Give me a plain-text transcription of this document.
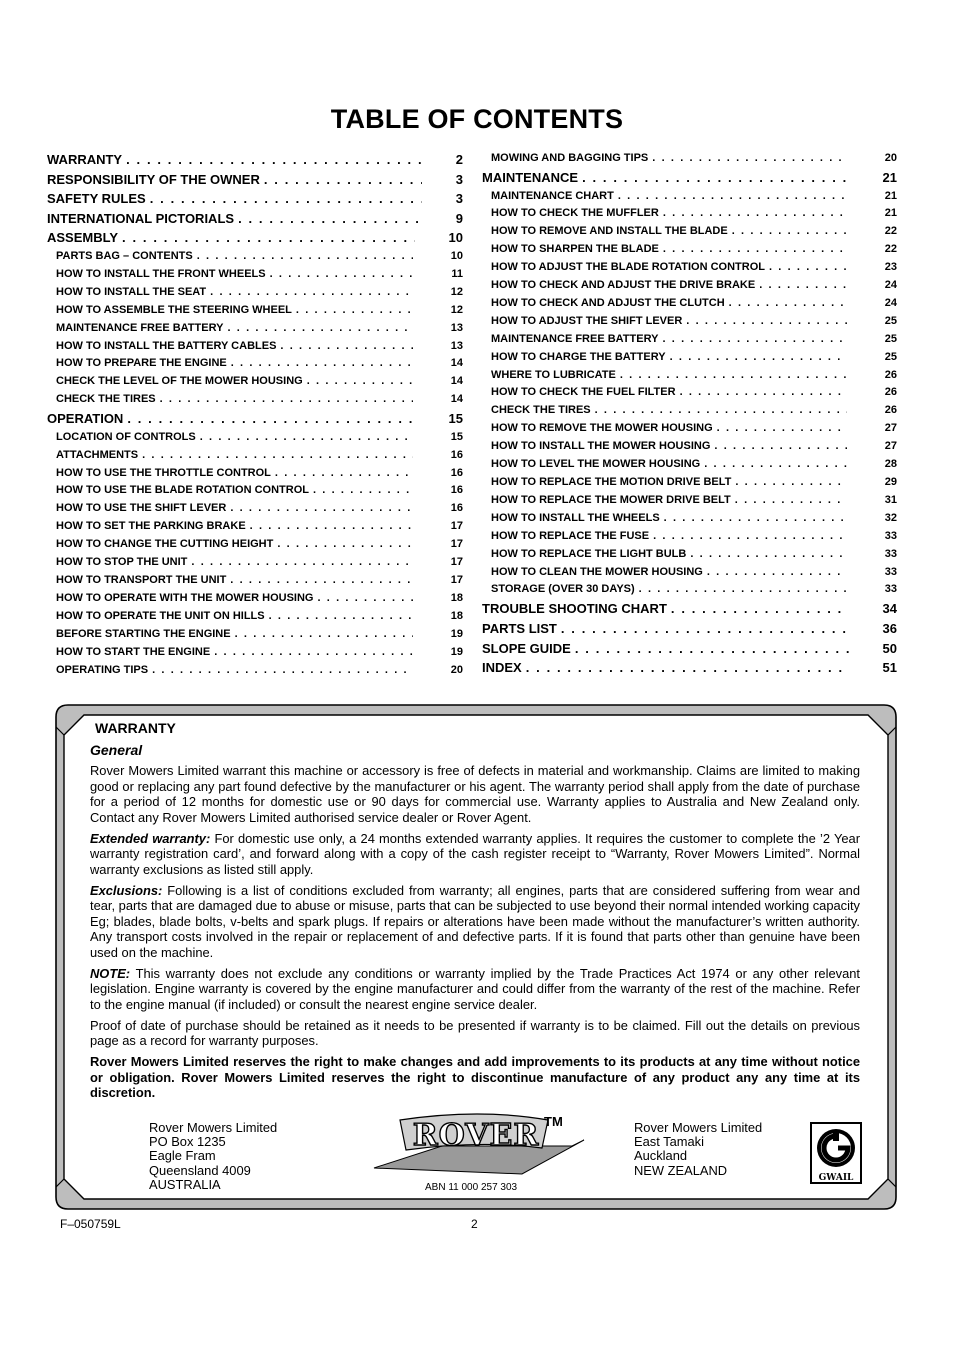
TABLE OF CONTENTS
WARRANTY . . .	2
RESPONSIBILITY OF THE OWNER . . .	3
SAFETY RULES . . .	3
INTERNATIONAL PICTORIALS . . .	9
ASSEMBLY . . .	10
PARTS BAG – CONTENTS . . .	10
HOW TO INSTALL THE FRONT WHEELS . . .	11
HOW TO INSTALL THE SEAT . . .	12
HOW TO ASSEMBLE THE STEERING WHEEL . . .	12
MAINTENANCE FREE BATTERY . . .	13
HOW TO INSTALL THE BATTERY CABLES . . .	13
HOW TO PREPARE THE ENGINE . . .	14
CHECK THE LEVEL OF THE MOWER HOUSING . . .	14
CHECK THE TIRES . . .	14
OPERATION . . .	15
LOCATION OF CONTROLS . . .	15
ATTACHMENTS . . .	16
HOW TO USE THE THROTTLE CONTROL . . .	16
HOW TO USE THE BLADE ROTATION CONTROL . . .	16
HOW TO USE THE SHIFT LEVER . . .	16
HOW TO SET THE PARKING BRAKE . . .	17
HOW TO CHANGE THE CUTTING HEIGHT . . .	17
HOW TO STOP THE UNIT . . .	17
HOW TO TRANSPORT THE UNIT . . .	17
HOW TO OPERATE WITH THE MOWER HOUSING . . .	18
HOW TO OPERATE THE UNIT ON HILLS . . .	18
BEFORE STARTING THE ENGINE . . .	19
HOW TO START THE ENGINE . . .	19
OPERATING TIPS . . .	20
MOWING AND BAGGING TIPS . . .	20
MAINTENANCE . . .	21
MAINTENANCE CHART . . .	21
HOW TO CHECK THE MUFFLER . . .	21
HOW TO REMOVE AND INSTALL THE BLADE . . .	22
HOW TO SHARPEN THE BLADE . . .	22
HOW TO ADJUST THE BLADE ROTATION CONTROL . . .	23
HOW TO CHECK AND ADJUST THE DRIVE BRAKE . . .	24
HOW TO CHECK AND ADJUST THE CLUTCH . . .	24
HOW TO ADJUST THE SHIFT LEVER . . .	25
MAINTENANCE FREE BATTERY . . .	25
HOW TO CHARGE THE BATTERY . . .	25
WHERE TO LUBRICATE . . .	26
HOW TO CHECK THE FUEL FILTER . . .	26
CHECK THE TIRES . . .	26
HOW TO REMOVE THE MOWER HOUSING . . .	27
HOW TO INSTALL THE MOWER HOUSING . . .	27
HOW TO LEVEL THE MOWER HOUSING . . .	28
HOW TO REPLACE THE MOTION DRIVE BELT . . .	29
HOW TO REPLACE THE MOWER DRIVE BELT . . .	31
HOW TO INSTALL THE WHEELS . . .	32
HOW TO REPLACE THE FUSE . . .	33
HOW TO REPLACE THE LIGHT BULB . . .	33
HOW TO CLEAN THE MOWER HOUSING . . .	33
STORAGE (OVER 30 DAYS) . . .	33
TROUBLE SHOOTING CHART . . .	34
PARTS LIST . . .	36
SLOPE GUIDE . . .	50
INDEX . . .	51
WARRANTY
General

Rover Mowers Limited warrant this machine or accessory is free of defects in material and workmanship. Claims are limited to making good or replacing any part found defective by the manufacturer or his agent. The warranty period shall apply from the date of purchase for a period of 12 months for domestic use or 90 days for commercial use. Warranty applies to Australia and New Zealand only. Contact any Rover Mowers Limited authorised service dealer or Rover Agent.

Extended warranty: For domestic use only, a 24 months extended warranty applies. It requires the customer to complete the ’2 Year warranty registration card’, and forward along with a copy of the cash register receipt to “Warranty, Rover Mowers Limited”. Normal warranty exclusions as listed still apply.

Exclusions: Following is a list of conditions excluded from warranty; all engines, parts that are considered suffering from wear and tear, parts that are damaged due to abuse or misuse, parts that can be subjected to use beyond their normal intended working capacity Eg; blades, blade bolts, v-belts and spark plugs. If repairs or alterations have been made without the manufacturer’s written authority. Any transport costs involved in the repair or replacement of and defective parts. If it is found that parts other than genuine have been used on the machine.

NOTE: This warranty does not exclude any conditions or warranty implied by the Trade Practices Act 1974 or any other relevant legislation. Engine warranty is covered by the engine manufacturer and could differ from the warranty of the rest of the machine. Refer to the engine manual (if included) or consult the nearest engine service dealer.

Proof of date of purchase should be retained as it needs to be presented if warranty is to be claimed. Fill out the details on previous page as a record for warranty purposes.

Rover Mowers Limited reserves the right to make changes and add improvements to its products at any time without notice or obligation. Rover Mowers Limited reserves the right to discontinue manufacture of any product any any time at its discretion.

Rover Mowers Limited
PO Box 1235
Eagle Fram
Queensland 4009
AUSTRALIA
Rover Mowers Limited
East Tamaki
Auckland
NEW ZEALAND
ROVER TM
ABN 11 000 257 303
GWAIL
F–050759L	2
